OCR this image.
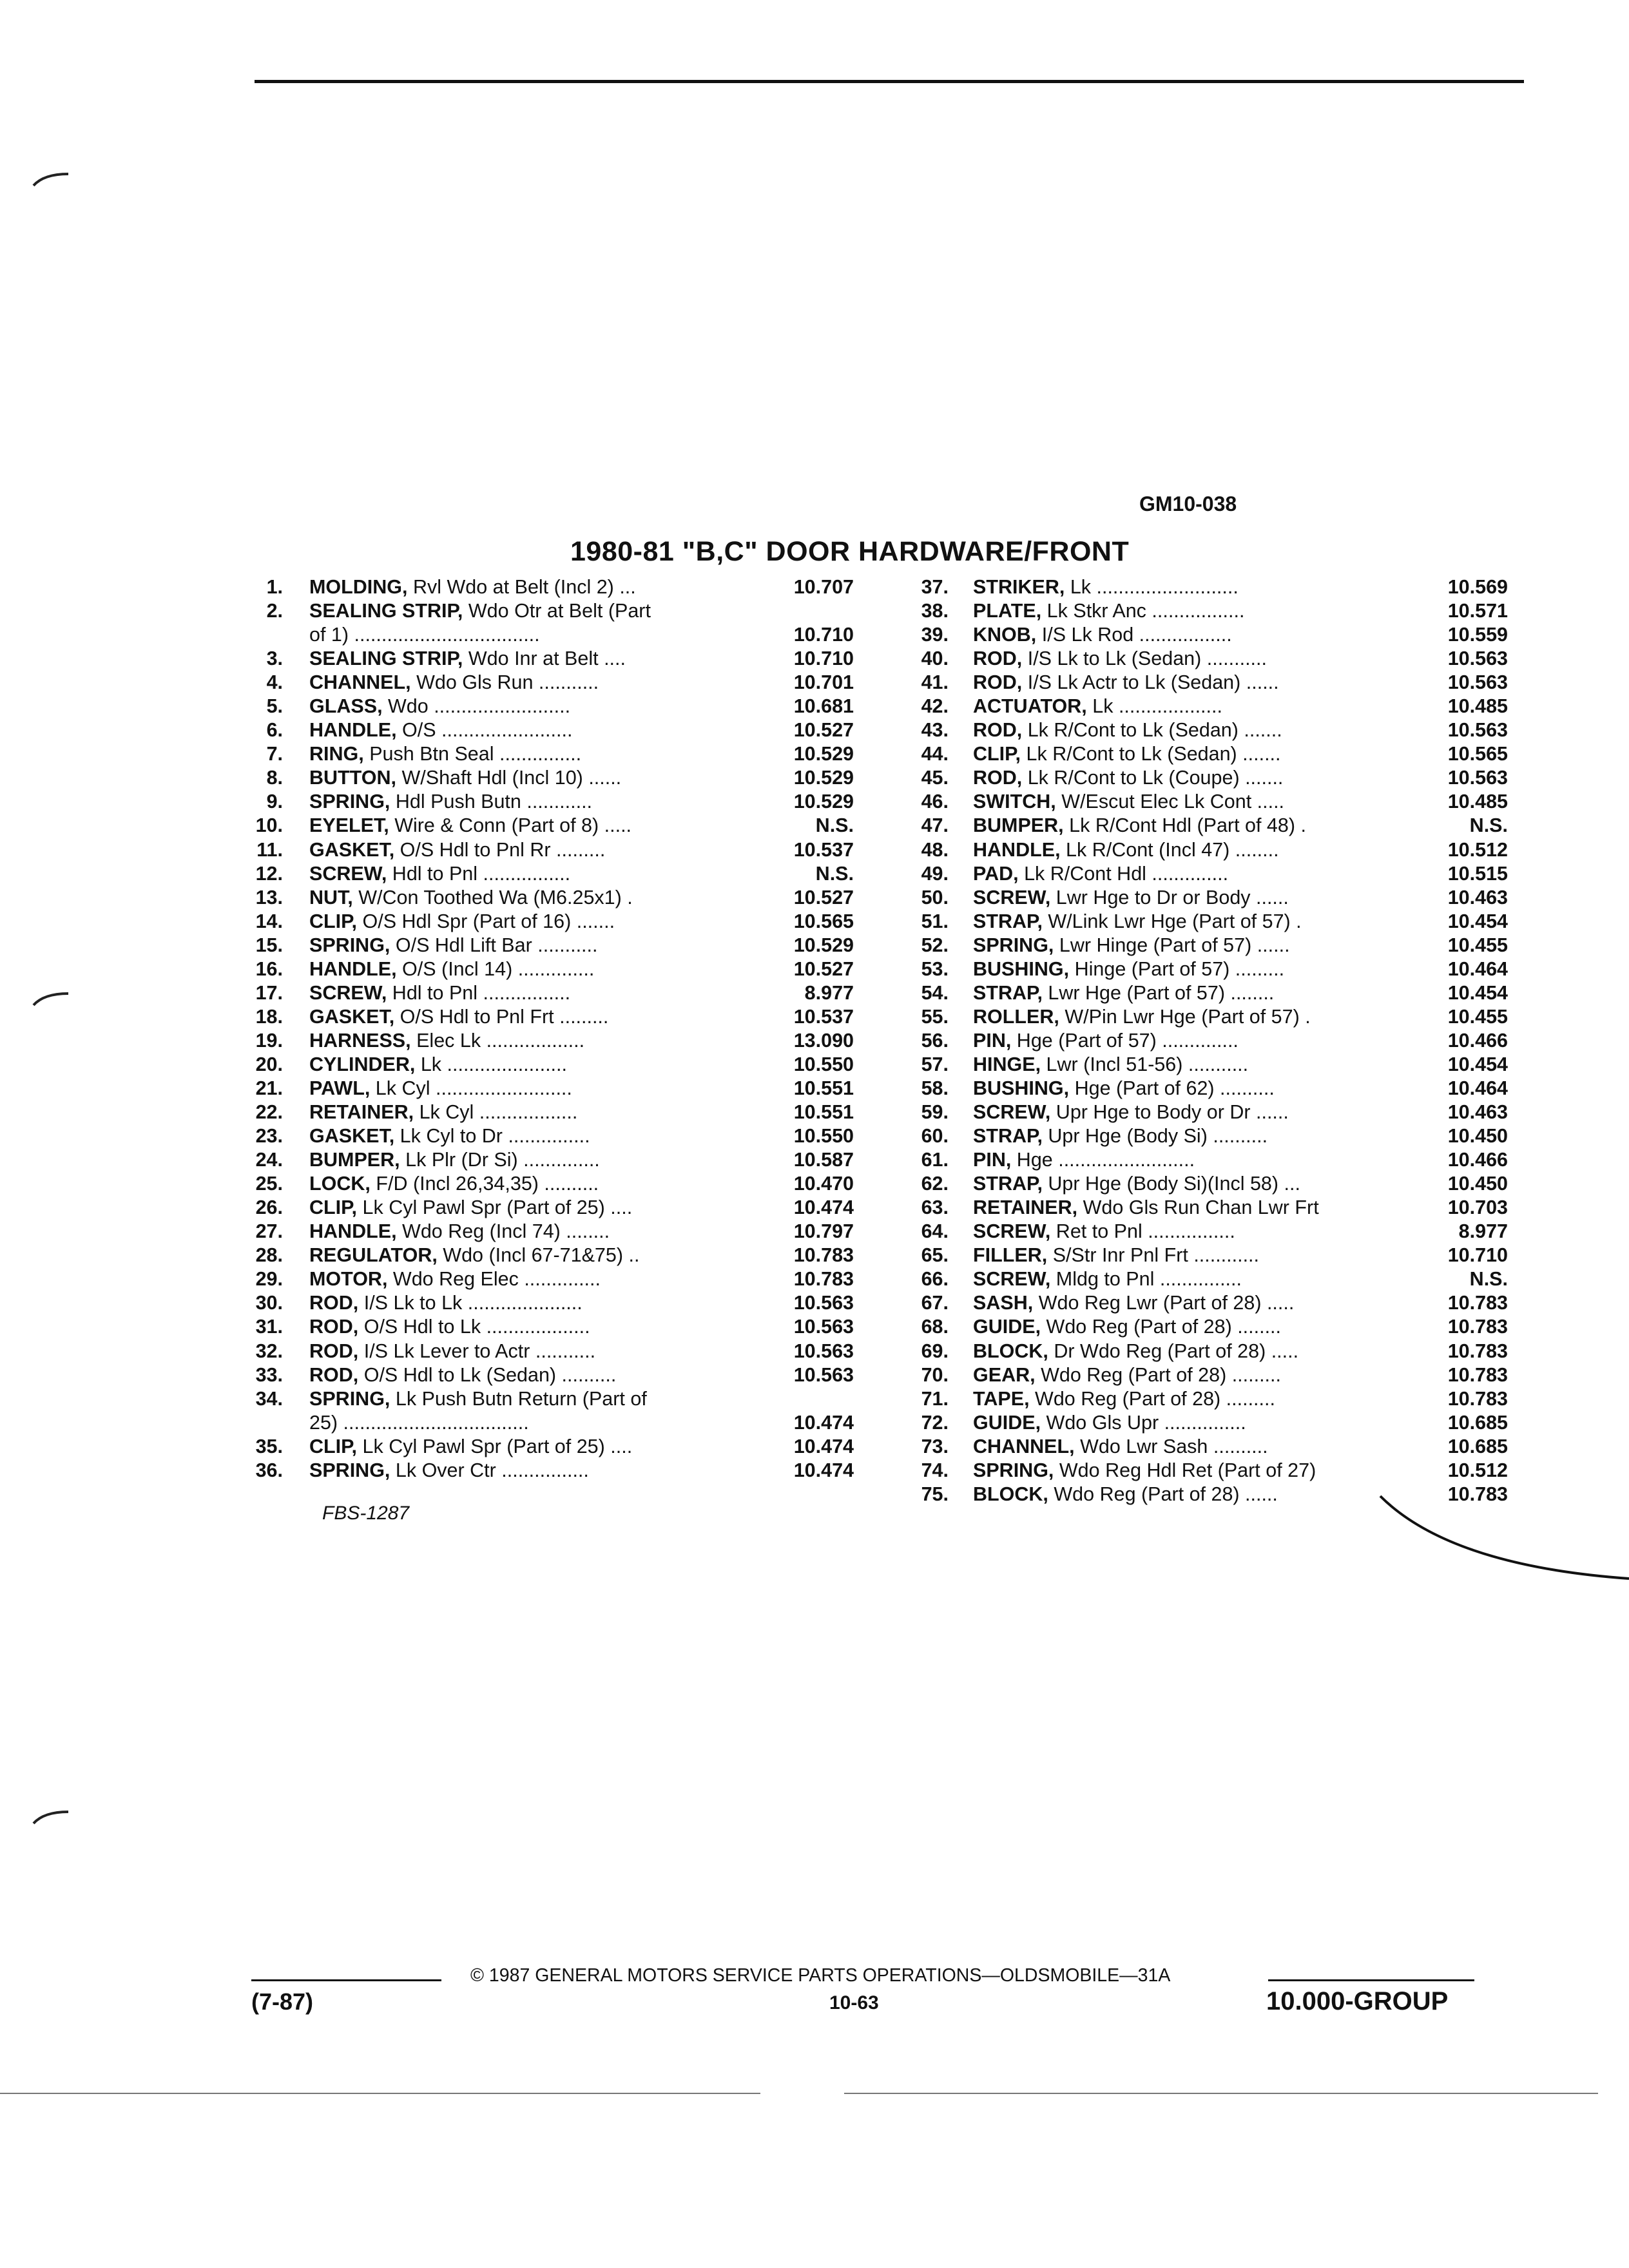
GM10-038
1980-81 "B,C" DOOR HARDWARE/FRONT
1. MOLDING, Rvl Wdo at Belt (Incl 2) ...	10.707
2. SEALING STRIP, Wdo Otr at Belt (Part
of 1) ..................................	10.710
3. SEALING STRIP, Wdo Inr at Belt ....	10.710
4. CHANNEL, Wdo Gls Run ...........	10.701
5. GLASS, Wdo .........................	10.681
6. HANDLE, O/S ........................	10.527
7. RING, Push Btn Seal ...............	10.529
8. BUTTON, W/Shaft Hdl (Incl 10) ......	10.529
9. SPRING, Hdl Push Butn ............	10.529
10. EYELET, Wire & Conn (Part of 8) .....	N.S.
11. GASKET, O/S Hdl to Pnl Rr .........	10.537
12. SCREW, Hdl to Pnl ................	N.S.
13. NUT, W/Con Toothed Wa (M6.25x1) .	10.527
14. CLIP, O/S Hdl Spr (Part of 16) .......	10.565
15. SPRING, O/S Hdl Lift Bar ...........	10.529
16. HANDLE, O/S (Incl 14) ..............	10.527
17. SCREW, Hdl to Pnl ................	8.977
18. GASKET, O/S Hdl to Pnl Frt .........	10.537
19. HARNESS, Elec Lk ..................	13.090
20. CYLINDER, Lk ......................	10.550
21. PAWL, Lk Cyl .........................	10.551
22. RETAINER, Lk Cyl ..................	10.551
23. GASKET, Lk Cyl to Dr ...............	10.550
24. BUMPER, Lk Plr (Dr Si) ..............	10.587
25. LOCK, F/D (Incl 26,34,35) ..........	10.470
26. CLIP, Lk Cyl Pawl Spr (Part of 25) ....	10.474
27. HANDLE, Wdo Reg (Incl 74) ........	10.797
28. REGULATOR, Wdo (Incl 67-71&75) ..	10.783
29. MOTOR, Wdo Reg Elec ..............	10.783
30. ROD, I/S Lk to Lk .....................	10.563
31. ROD, O/S Hdl to Lk ...................	10.563
32. ROD, I/S Lk Lever to Actr ...........	10.563
33. ROD, O/S Hdl to Lk (Sedan) ..........	10.563
34. SPRING, Lk Push Butn Return (Part of
25) ..................................	10.474
35. CLIP, Lk Cyl Pawl Spr (Part of 25) ....	10.474
36. SPRING, Lk Over Ctr ................	10.474
37. STRIKER, Lk ..........................	10.569
38. PLATE, Lk Stkr Anc .................	10.571
39. KNOB, I/S Lk Rod .................	10.559
40. ROD, I/S Lk to Lk (Sedan) ...........	10.563
41. ROD, I/S Lk Actr to Lk (Sedan) ......	10.563
42. ACTUATOR, Lk ...................	10.485
43. ROD, Lk R/Cont to Lk (Sedan) .......	10.563
44. CLIP, Lk R/Cont to Lk (Sedan) .......	10.565
45. ROD, Lk R/Cont to Lk (Coupe) .......	10.563
46. SWITCH, W/Escut Elec Lk Cont .....	10.485
47. BUMPER, Lk R/Cont Hdl (Part of 48) .	N.S.
48. HANDLE, Lk R/Cont (Incl 47) ........	10.512
49. PAD, Lk R/Cont Hdl ..............	10.515
50. SCREW, Lwr Hge to Dr or Body ......	10.463
51. STRAP, W/Link Lwr Hge (Part of 57) .	10.454
52. SPRING, Lwr Hinge (Part of 57) ......	10.455
53. BUSHING, Hinge (Part of 57) .........	10.464
54. STRAP, Lwr Hge (Part of 57) ........	10.454
55. ROLLER, W/Pin Lwr Hge (Part of 57) .	10.455
56. PIN, Hge (Part of 57) ..............	10.466
57. HINGE, Lwr (Incl 51-56) ...........	10.454
58. BUSHING, Hge (Part of 62) ..........	10.464
59. SCREW, Upr Hge to Body or Dr ......	10.463
60. STRAP, Upr Hge (Body Si) ..........	10.450
61. PIN, Hge .........................	10.466
62. STRAP, Upr Hge (Body Si)(Incl 58) ...	10.450
63. RETAINER, Wdo Gls Run Chan Lwr Frt	10.703
64. SCREW, Ret to Pnl ................	8.977
65. FILLER, S/Str Inr Pnl Frt ............	10.710
66. SCREW, Mldg to Pnl ...............	N.S.
67. SASH, Wdo Reg Lwr (Part of 28) .....	10.783
68. GUIDE, Wdo Reg (Part of 28) ........	10.783
69. BLOCK, Dr Wdo Reg (Part of 28) .....	10.783
70. GEAR, Wdo Reg (Part of 28) .........	10.783
71. TAPE, Wdo Reg (Part of 28) .........	10.783
72. GUIDE, Wdo Gls Upr ...............	10.685
73. CHANNEL, Wdo Lwr Sash ..........	10.685
74. SPRING, Wdo Reg Hdl Ret (Part of 27)	10.512
75. BLOCK, Wdo Reg (Part of 28) ......	10.783
FBS-1287
© 1987 GENERAL MOTORS SERVICE PARTS OPERATIONS—OLDSMOBILE—31A
(7-87)	10-63	10.000-GROUP
